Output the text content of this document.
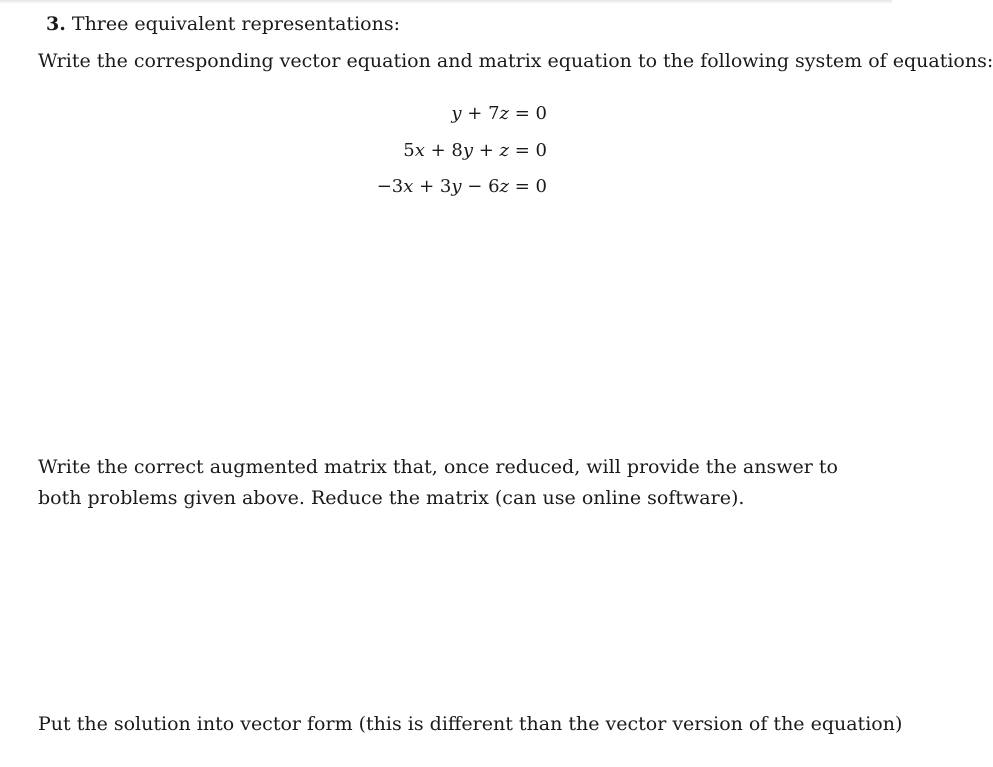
3. Three equivalent representations:
Write the corresponding vector equation and matrix equation to the following system of equations:
y + 7z = 0
5x + 8y + z = 0
−3x + 3y − 6z = 0
Write the correct augmented matrix that, once reduced, will provide the answer to both problems given above. Reduce the matrix (can use online software).
Put the solution into vector form (this is different than the vector version of the equation)
